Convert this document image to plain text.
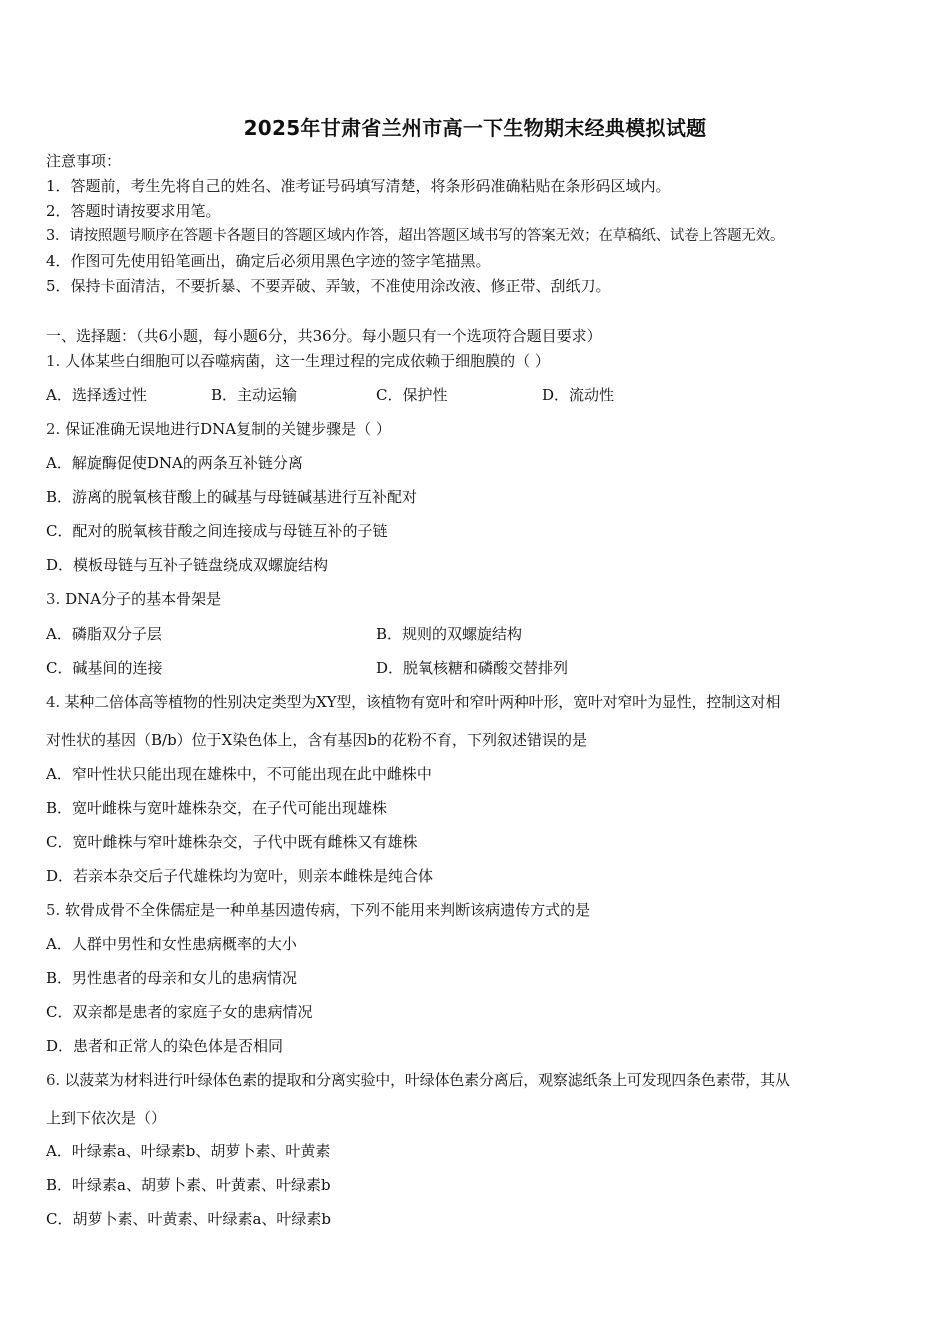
2025年甘肃省兰州市高一下生物期末经典模拟试题
注意事项：
1．答题前，考生先将自己的姓名、准考证号码填写清楚，将条形码准确粘贴在条形码区域内。
2．答题时请按要求用笔。
3．请按照题号顺序在答题卡各题目的答题区域内作答，超出答题区域书写的答案无效；在草稿纸、试卷上答题无效。
4．作图可先使用铅笔画出，确定后必须用黑色字迹的签字笔描黑。
5．保持卡面清洁，不要折暴、不要弄破、弄皱，不准使用涂改液、修正带、刮纸刀。
一、选择题：（共6小题，每小题6分，共36分。每小题只有一个选项符合题目要求）
1. 人体某些白细胞可以吞噬病菌，这一生理过程的完成依赖于细胞膜的（ ）
A．选择透过性	B．主动运输	C．保护性	D．流动性
2. 保证准确无误地进行DNA复制的关键步骤是（ ）
A．解旋酶促使DNA的两条互补链分离
B．游离的脱氧核苷酸上的碱基与母链碱基进行互补配对
C．配对的脱氧核苷酸之间连接成与母链互补的子链
D．模板母链与互补子链盘绕成双螺旋结构
3. DNA分子的基本骨架是
A．磷脂双分子层	B．规则的双螺旋结构
C．碱基间的连接	D．脱氧核糖和磷酸交替排列
4. 某种二倍体高等植物的性别决定类型为XY型，该植物有宽叶和窄叶两种叶形，宽叶对窄叶为显性，控制这对相
对性状的基因（B/b）位于X染色体上，含有基因b的花粉不育，下列叙述错误的是
A．窄叶性状只能出现在雄株中，不可能出现在此中雌株中
B．宽叶雌株与宽叶雄株杂交，在子代可能出现雄株
C．宽叶雌株与窄叶雄株杂交，子代中既有雌株又有雄株
D．若亲本杂交后子代雄株均为宽叶，则亲本雌株是纯合体
5. 软骨成骨不全侏儒症是一种单基因遗传病，下列不能用来判断该病遗传方式的是
A．人群中男性和女性患病概率的大小
B．男性患者的母亲和女儿的患病情况
C．双亲都是患者的家庭子女的患病情况
D．患者和正常人的染色体是否相同
6. 以菠菜为材料进行叶绿体色素的提取和分离实验中，叶绿体色素分离后，观察滤纸条上可发现四条色素带，其从
上到下依次是（）
A．叶绿素a、叶绿素b、胡萝卜素、叶黄素
B．叶绿素a、胡萝卜素、叶黄素、叶绿素b
C．胡萝卜素、叶黄素、叶绿素a、叶绿素b
